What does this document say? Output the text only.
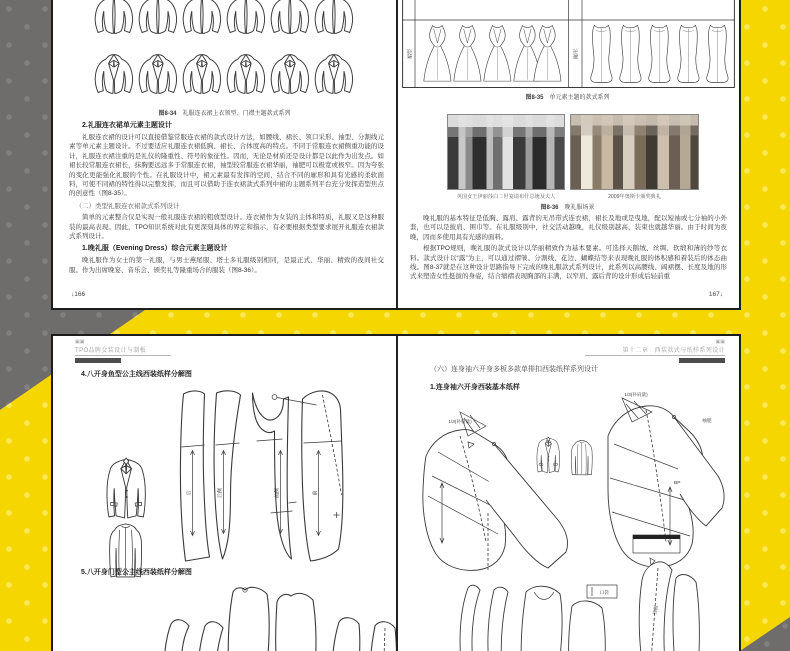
图8-34  礼服连衣裙上衣领型、门襟主题款式系列
2.礼服连衣裙单元素主题设计

礼服连衣裙的设计可以直接借鉴常服连衣裙的款式设计方法，如腰线、裙长、领口采形、袖型、分割线元素等单元素主题设计。不过要适应礼服连衣裙低胸、裙长、合体度高的特点。不同于常服连衣裙侧重功能的设计，礼服连衣裙注重的是礼仪的隆重性、符号的象征性。因而，无论是材质还是设计都是以此作为出发点。如裙长较常服连衣裙长，抹胸要远远多于常服连衣裙，袖型较常服连衣裙华丽，袖肥可以极宽或极窄。因为夸张的变化更能强化礼服的个性。在礼服设计中，裙元素最有发挥的空间，结合不同的廓形和具有光感的柔软面料，可使不同裙的特性得以完整发挥，而且可以借助于连衣裙款式系列中裙的主题系列平台充分发挥造型焦点的创意性（图8-35）。

（二）类型礼服连衣裙款式系列设计

简单的元素整合仅是实现一般礼服连衣裙的粗放型设计。连衣裙作为女装的主体和特质，礼服又是这种服装的最高表现。因此，TPO知识系统对此有更深刻具体的界定和指示，有必要根据类型要求展开礼服连衣裙款式系列设计。

1.晚礼服（Evening Dress）综合元素主题设计

晚礼服作为女士的第一礼服，与男士燕尾服、塔士多礼服级别相同，是最正式、华丽、精致的夜间社交服。作为出席晚宴、音乐会、颁奖礼等隆重场合的服装（图8-36）。

↓166
裙型	廓形
图8-35  单元素主题的款式系列
英国女王伊丽莎白二世宴请布什总统及夫人	2009年奥斯卡颁奖典礼
图8-36  晚礼服场景

晚礼服的基本特征是低胸、露肩、露背的无吊带式连衣裙，裙长及地或是曳地，配以短袖或七分袖的小外套，也可以是披肩、围巾等。在礼服级别中，社交活动越晚，礼仪级别越高，装束也就越华丽。由于时间为夜晚，因而多使用具有光感的面料。

根据TPO规则，晚礼服的款式设计以华丽精致作为基本要素。可选择天鹅绒、丝绸、软缎和薄的纱等衣料。款式设计以“露”为主，可以通过褶皱、分割线、花边、蝴蝶结等来表现晚礼服的体积感和着装后的体态曲线。图8-37就是在这种设计思路指导下完成的晚礼服款式系列设计，此系列以高腰线、阔裙摆、长度及地的形式来塑造女性挺拔的身姿，结合缩褶表现胸部的丰满，以窄肩、露后背的设计形成后轻前重

167↓
▣▣
TPO品牌女装设计与制板
4.八开身鱼型公主线西装纸样分解图
后	后侧	前侧	前
5.八开身门型公主线西装纸样分解图
▣▣
第十二章　西装款式与纸样系列设计
（六）连身袖六开身多板多款单排扣西装纸样系列设计
1.连身袖六开身西装基本纸样
1/3(补肩量)
1/3(补肩量)
袖肥
BP
口袋
挂面
